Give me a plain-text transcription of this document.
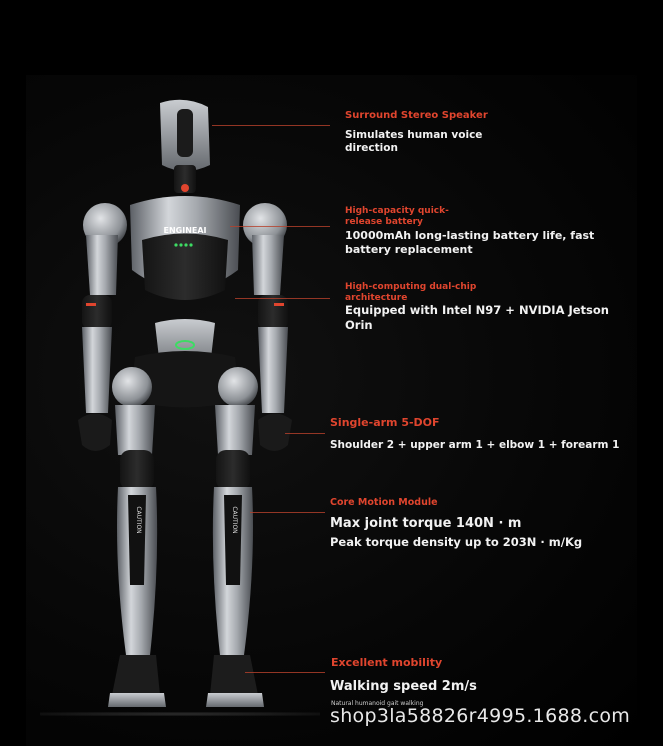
ENGINEAI
CAUTION	CAUTION
Surround Stereo Speaker
Simulates human voice
direction
High-capacity quick-
release battery
10000mAh long-lasting battery life, fast
battery replacement
High-computing dual-chip
architecture
Equipped with Intel N97 + NVIDIA Jetson
Orin
Single-arm 5-DOF
Shoulder 2 + upper arm 1 + elbow 1 + forearm 1
Core Motion Module
Max joint torque 140N · m
Peak torque density up to 203N · m/Kg
Excellent mobility
Walking speed 2m/s
Natural humanoid gait walking
shop3la58826r4995.1688.com
